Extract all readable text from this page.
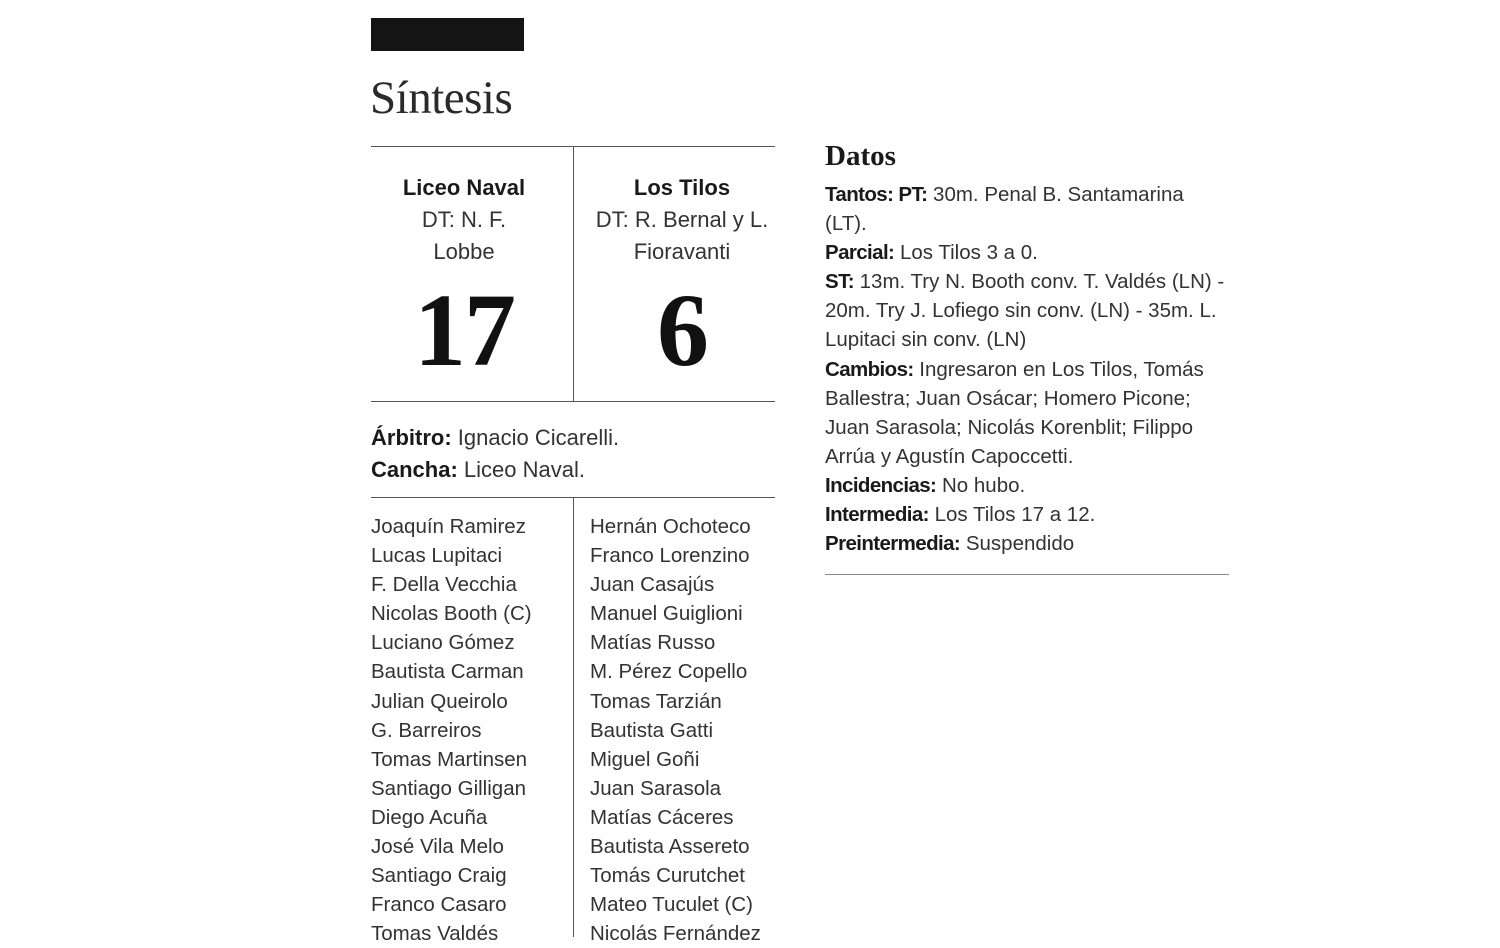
Síntesis
Liceo Naval
DT: N. F. Lobbe
17
Los Tilos
DT: R. Bernal y L. Fioravanti
6
Árbitro: Ignacio Cicarelli.
Cancha: Liceo Naval.
Joaquín Ramirez
Lucas Lupitaci
F. Della Vecchia
Nicolas Booth (C)
Luciano Gómez
Bautista Carman
Julian Queirolo
G. Barreiros
Tomas Martinsen
Santiago Gilligan
Diego Acuña
José Vila Melo
Santiago Craig
Franco Casaro
Tomas Valdés
Hernán Ochoteco
Franco Lorenzino
Juan Casajús
Manuel Guiglioni
Matías Russo
M. Pérez Copello
Tomas Tarzián
Bautista Gatti
Miguel Goñi
Juan Sarasola
Matías Cáceres
Bautista Assereto
Tomás Curutchet
Mateo Tuculet (C)
Nicolás Fernández
Datos

Tantos: PT: 30m. Penal B. Santamarina (LT).

Parcial: Los Tilos 3 a 0.

ST: 13m. Try N. Booth conv. T. Valdés (LN) - 20m. Try J. Lofiego sin conv. (LN) - 35m. L. Lupitaci sin conv. (LN)

Cambios: Ingresaron en Los Tilos, Tomás Ballestra; Juan Osácar; Homero Picone; Juan Sarasola; Nicolás Korenblit; Filippo Arrúa y Agustín Capoccetti.

Incidencias: No hubo.

Intermedia: Los Tilos 17 a 12.

Preintermedia: Suspendido
